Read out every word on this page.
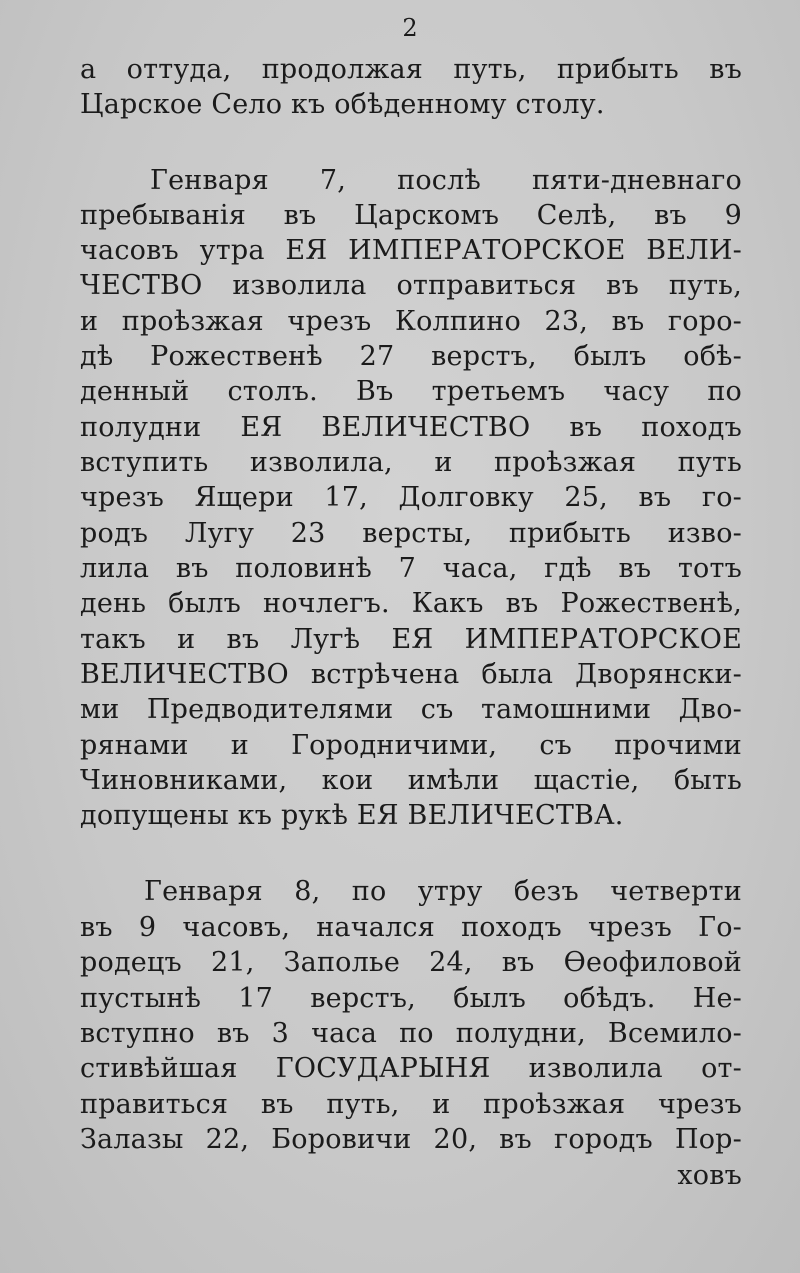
2
а оттуда, продолжая путь, прибыть въ
Царское Село къ обѣденному столу.
Генваря 7, послѣ пяти-дневнаго
пребыванія въ Царскомъ Селѣ, въ 9
часовъ утра ЕЯ ИМПЕРАТОРСКОЕ ВЕЛИ-
ЧЕСТВО изволила отправиться въ путь,
и проѣзжая чрезъ Колпино 23, въ горо-
дѣ Рожественѣ 27 верстъ, былъ обѣ-
денный столъ. Въ третьемъ часу по
полудни ЕЯ ВЕЛИЧЕСТВО въ походъ
вступить изволила, и проѣзжая путь
чрезъ Ящери 17, Долговку 25, въ го-
родъ Лугу 23 версты, прибыть изво-
лила въ половинѣ 7 часа, гдѣ въ тотъ
день былъ ночлегъ. Какъ въ Рожественѣ,
такъ и въ Лугѣ ЕЯ ИМПЕРАТОРСКОЕ
ВЕЛИЧЕСТВО встрѣчена была Дворянски-
ми Предводителями съ тамошними Дво-
рянами и Городничими, съ прочими
Чиновниками, кои имѣли щастіе, быть
допущены къ рукѣ ЕЯ ВЕЛИЧЕСТВА.
Генваря 8, по утру безъ четверти
въ 9 часовъ, начался походъ чрезъ Го-
родецъ 21, Заполье 24, въ Ѳеофиловой
пустынѣ 17 верстъ, былъ обѣдъ. Не-
вступно въ 3 часа по полудни, Всемило-
стивѣйшая ГОСУДАРЫНЯ изволила от-
правиться въ путь, и проѣзжая чрезъ
Залазы 22, Боровичи 20, въ городъ Пор-
ховъ
